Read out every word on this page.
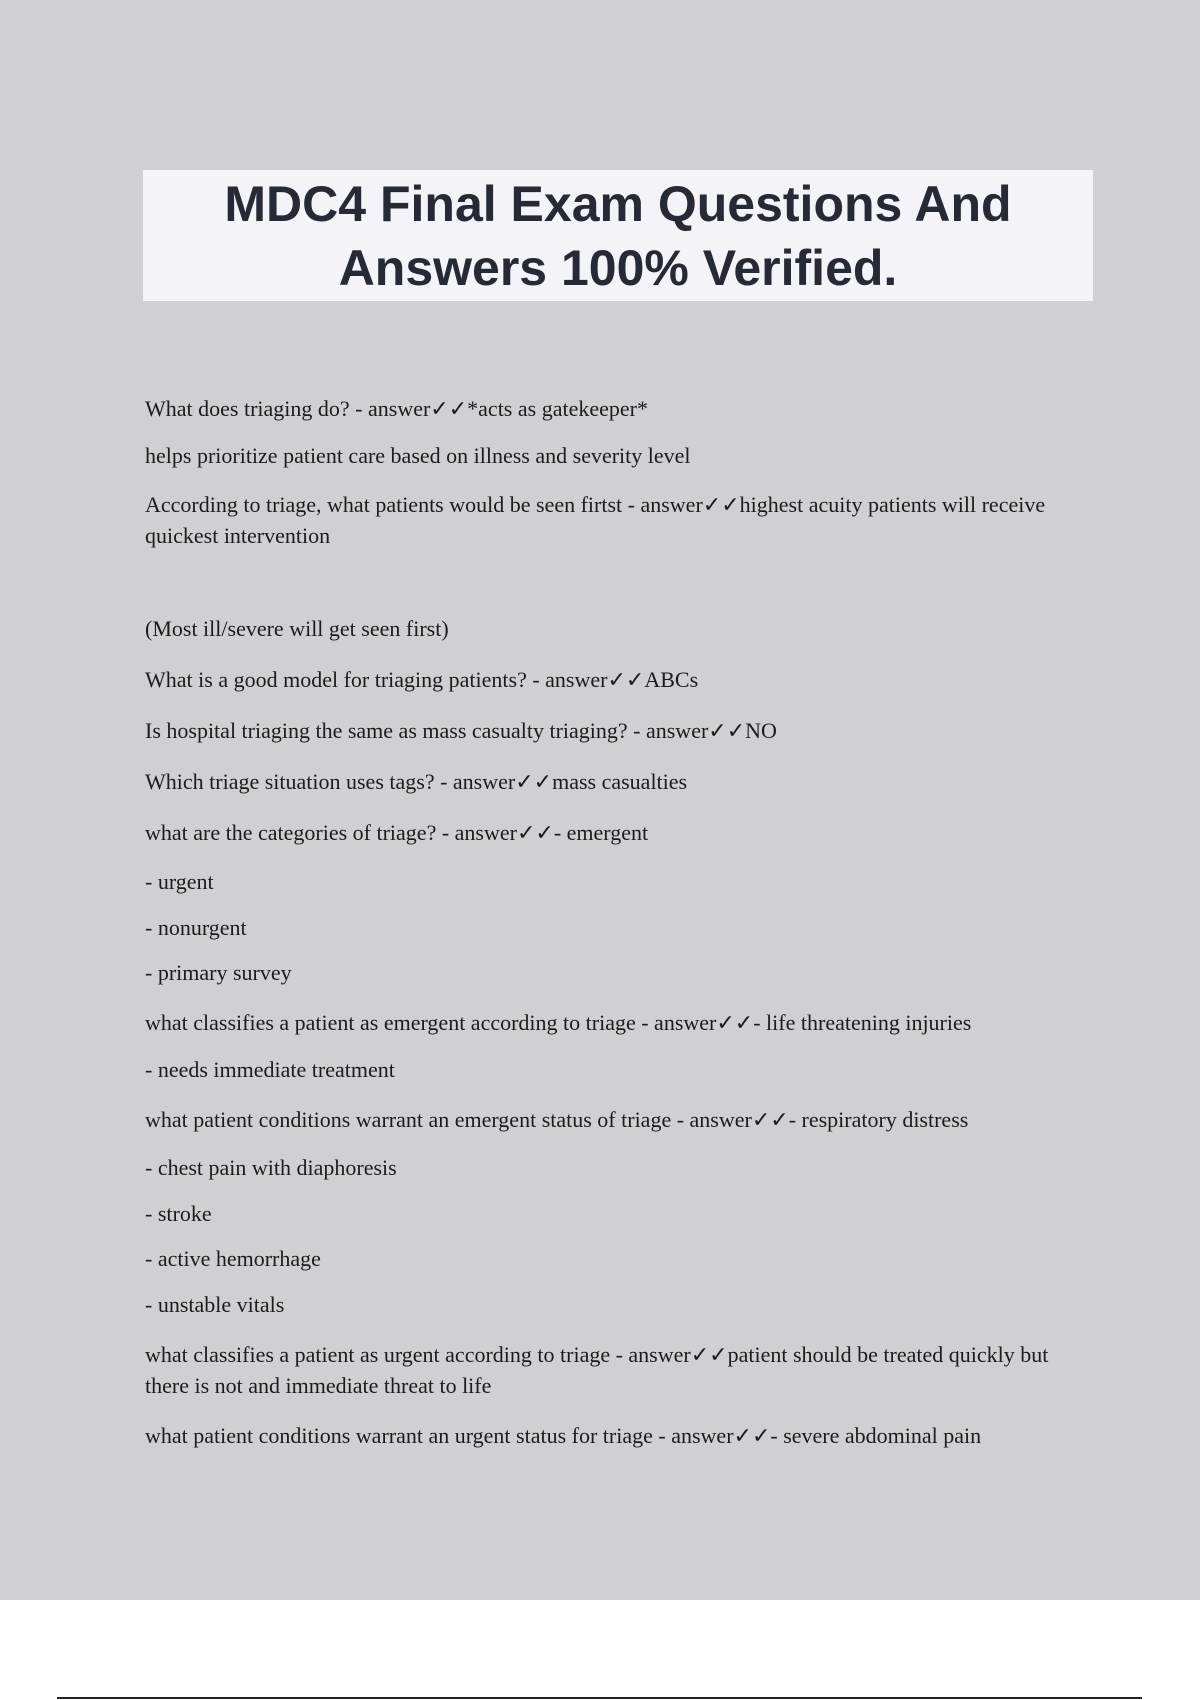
MDC4 Final Exam Questions And
Answers 100% Verified.

What does triaging do? - answer✓✓*acts as gatekeeper*

helps prioritize patient care based on illness and severity level

According to triage, what patients would be seen firtst - answer✓✓highest acuity patients will receive quickest intervention

(Most ill/severe will get seen first)

What is a good model for triaging patients? - answer✓✓ABCs

Is hospital triaging the same as mass casualty triaging? - answer✓✓NO

Which triage situation uses tags? - answer✓✓mass casualties

what are the categories of triage? - answer✓✓- emergent

- urgent

- nonurgent

- primary survey

what classifies a patient as emergent according to triage - answer✓✓- life threatening injuries

- needs immediate treatment

what patient conditions warrant an emergent status of triage - answer✓✓- respiratory distress

- chest pain with diaphoresis

- stroke

- active hemorrhage

- unstable vitals

what classifies a patient as urgent according to triage - answer✓✓patient should be treated quickly but there is not and immediate threat to life

what patient conditions warrant an urgent status for triage - answer✓✓- severe abdominal pain
